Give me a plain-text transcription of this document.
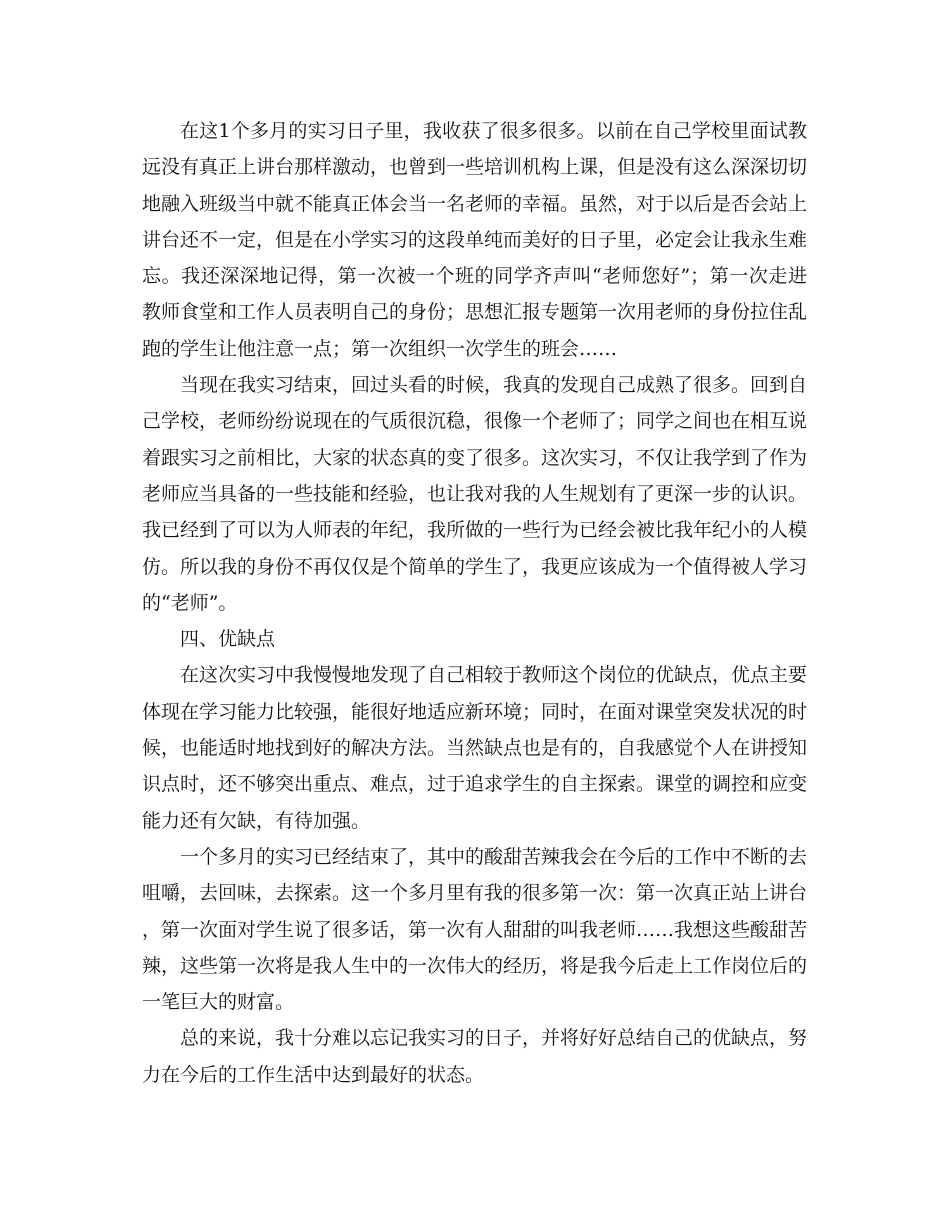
在这1个多月的实习日子里，我收获了很多很多。以前在自己学校里面试教远没有真正上讲台那样激动，也曾到一些培训机构上课，但是没有这么深深切切地融入班级当中就不能真正体会当一名老师的幸福。虽然，对于以后是否会站上讲台还不一定，但是在小学实习的这段单纯而美好的日子里，必定会让我永生难忘。我还深深地记得，第一次被一个班的同学齐声叫“老师您好”；第一次走进教师食堂和工作人员表明自己的身份；思想汇报专题第一次用老师的身份拉住乱跑的学生让他注意一点；第一次组织一次学生的班会……

当现在我实习结束，回过头看的时候，我真的发现自己成熟了很多。回到自己学校，老师纷纷说现在的气质很沉稳，很像一个老师了；同学之间也在相互说着跟实习之前相比，大家的状态真的变了很多。这次实习，不仅让我学到了作为老师应当具备的一些技能和经验，也让我对我的人生规划有了更深一步的认识。我已经到了可以为人师表的年纪，我所做的一些行为已经会被比我年纪小的人模仿。所以我的身份不再仅仅是个简单的学生了，我更应该成为一个值得被人学习的“老师”。

四、优缺点

在这次实习中我慢慢地发现了自己相较于教师这个岗位的优缺点，优点主要体现在学习能力比较强，能很好地适应新环境；同时，在面对课堂突发状况的时候，也能适时地找到好的解决方法。当然缺点也是有的，自我感觉个人在讲授知识点时，还不够突出重点、难点，过于追求学生的自主探索。课堂的调控和应变能力还有欠缺，有待加强。

一个多月的实习已经结束了，其中的酸甜苦辣我会在今后的工作中不断的去咀嚼，去回味，去探索。这一个多月里有我的很多第一次：第一次真正站上讲台，第一次面对学生说了很多话，第一次有人甜甜的叫我老师……我想这些酸甜苦辣，这些第一次将是我人生中的一次伟大的经历，将是我今后走上工作岗位后的一笔巨大的财富。

总的来说，我十分难以忘记我实习的日子，并将好好总结自己的优缺点，努力在今后的工作生活中达到最好的状态。
